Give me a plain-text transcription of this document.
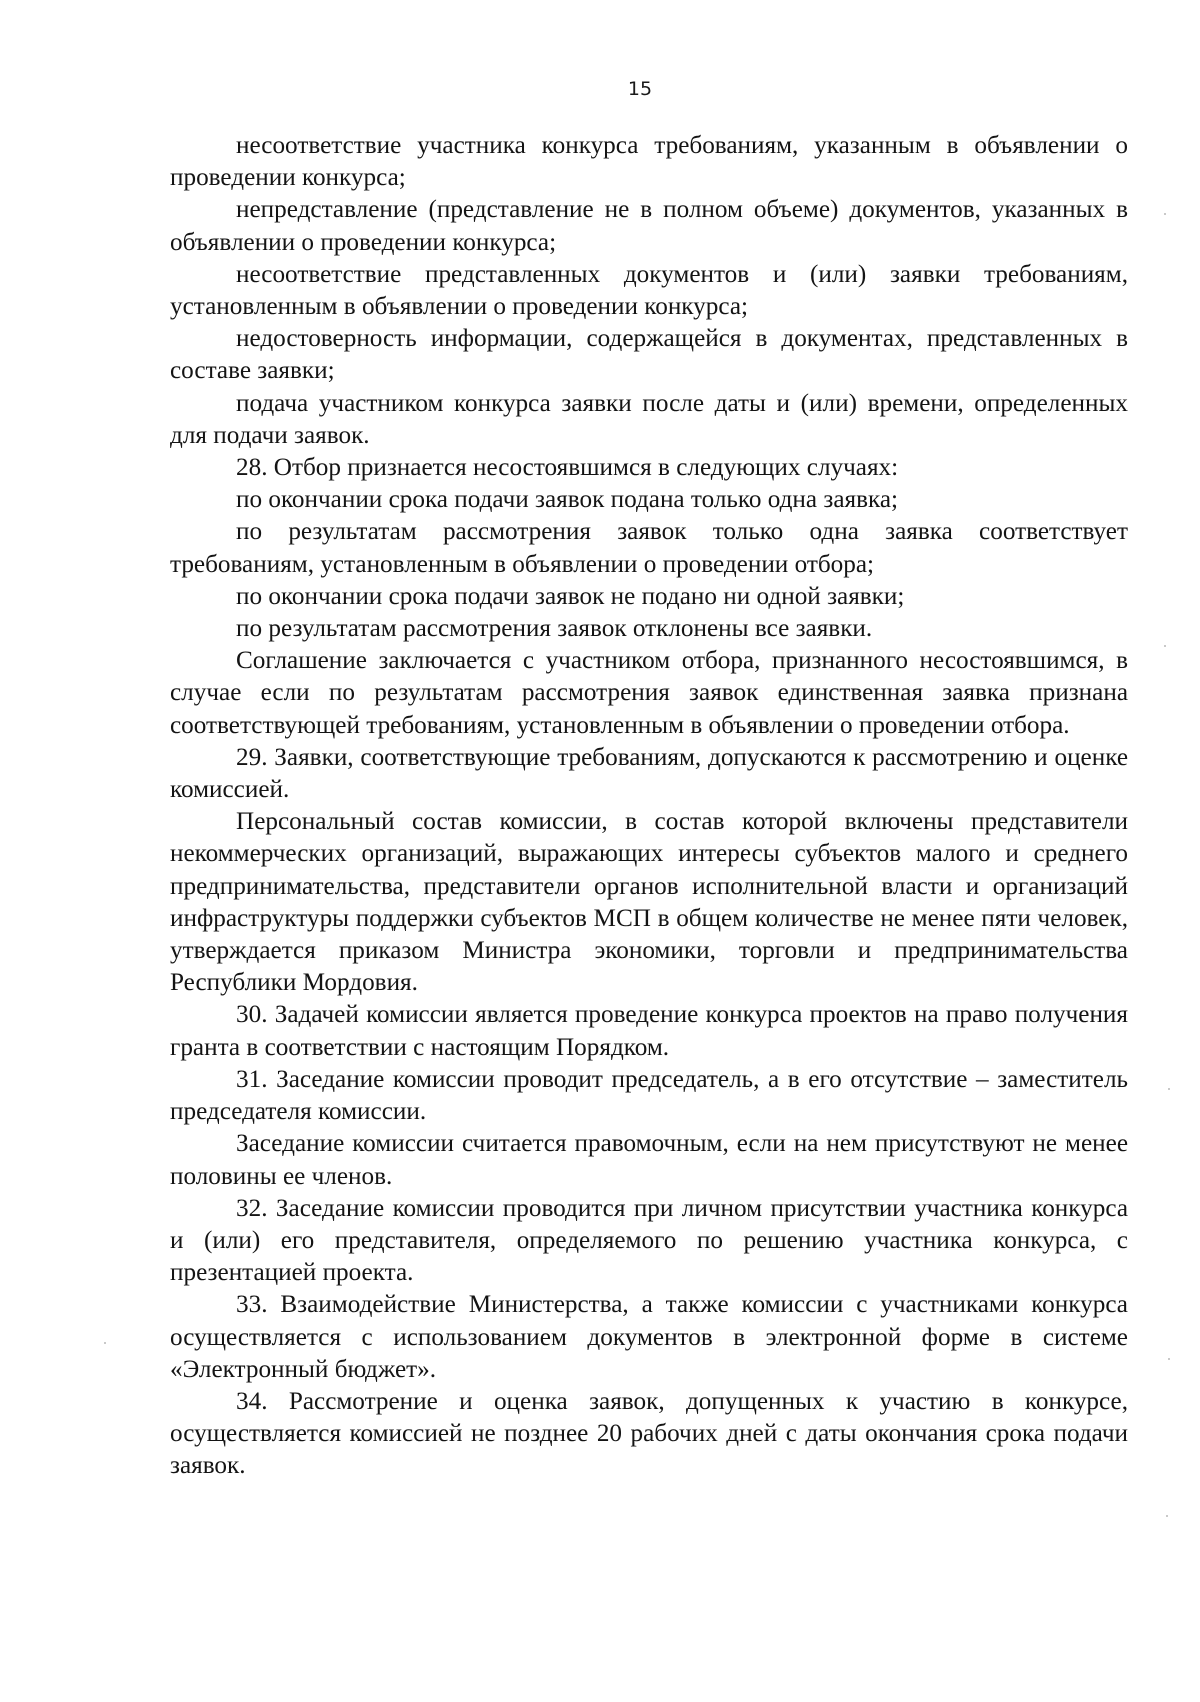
15

несоответствие участника конкурса требованиям, указанным в объявлении о проведении конкурса;

непредставление (представление не в полном объеме) документов, указанных в объявлении о проведении конкурса;

несоответствие представленных документов и (или) заявки требованиям, установленным в объявлении о проведении конкурса;

недостоверность информации, содержащейся в документах, представленных в составе заявки;

подача участником конкурса заявки после даты и (или) времени, определенных для подачи заявок.

28. Отбор признается несостоявшимся в следующих случаях:

по окончании срока подачи заявок подана только одна заявка;

по результатам рассмотрения заявок только одна заявка соответствует требованиям, установленным в объявлении о проведении отбора;

по окончании срока подачи заявок не подано ни одной заявки;

по результатам рассмотрения заявок отклонены все заявки.

Соглашение заключается с участником отбора, признанного несостоявшимся, в случае если по результатам рассмотрения заявок единственная заявка признана соответствующей требованиям, установленным в объявлении о проведении отбора.

29. Заявки, соответствующие требованиям, допускаются к рассмотрению и оценке комиссией.

Персональный состав комиссии, в состав которой включены представители некоммерческих организаций, выражающих интересы субъектов малого и среднего предпринимательства, представители органов исполнительной власти и организаций инфраструктуры поддержки субъектов МСП в общем количестве не менее пяти человек, утверждается приказом Министра экономики, торговли и предпринимательства Республики Мордовия.

30. Задачей комиссии является проведение конкурса проектов на право получения гранта в соответствии с настоящим Порядком.

31. Заседание комиссии проводит председатель, а в его отсутствие – заместитель председателя комиссии.

Заседание комиссии считается правомочным, если на нем присутствуют не менее половины ее членов.

32. Заседание комиссии проводится при личном присутствии участника конкурса и (или) его представителя, определяемого по решению участника конкурса, с презентацией проекта.

33. Взаимодействие Министерства, а также комиссии с участниками конкурса осуществляется с использованием документов в электронной форме в системе «Электронный бюджет».

34. Рассмотрение и оценка заявок, допущенных к участию в конкурсе, осуществляется комиссией не позднее 20 рабочих дней с даты окончания срока подачи заявок.
